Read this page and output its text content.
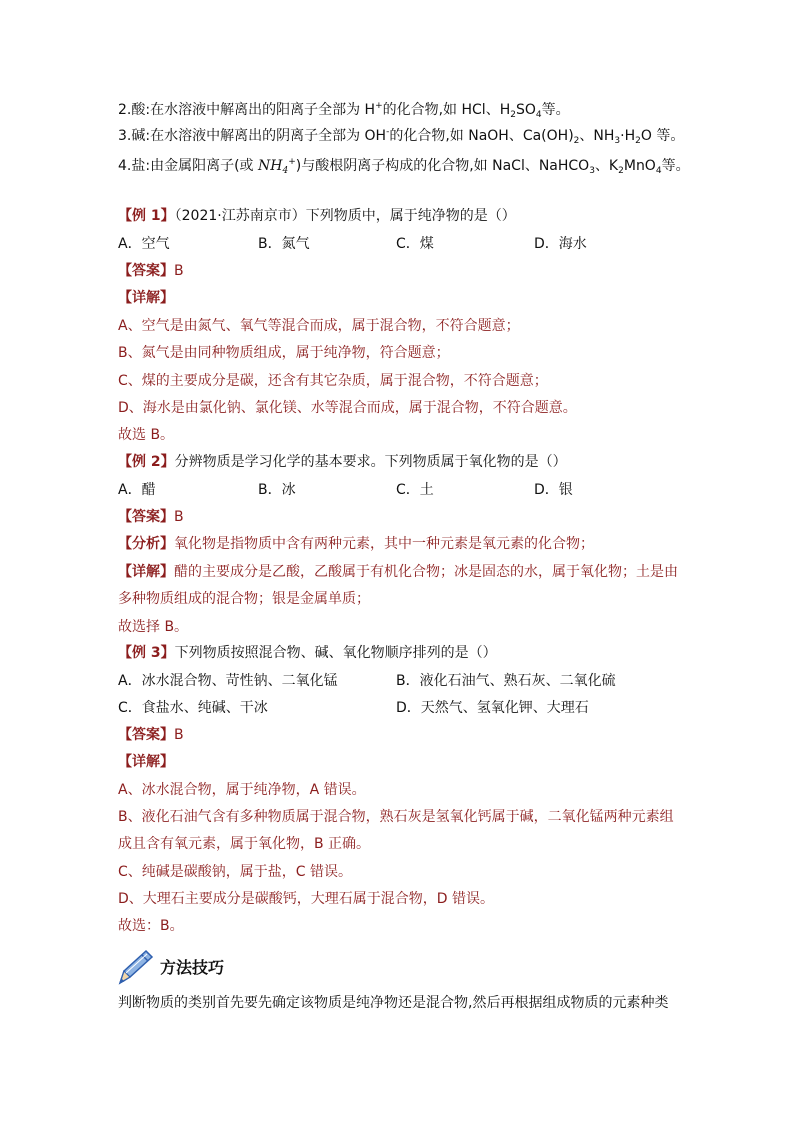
2.酸:在水溶液中解离出的阳离子全部为 H+的化合物,如 HCl、$H_2SO_4$等。
3.碱:在水溶液中解离出的阴离子全部为 OH-的化合物,如 NaOH、$Ca(OH)_2$、$NH_3\cdot H_2O$ 等。
4.盐:由金属阳离子(或 $NH_4^+$)与酸根阴离子构成的化合物,如 NaCl、NaHCO$_3$、$K_2MnO_4$等。
【例 1】（2021·江苏南京市）下列物质中，属于纯净物的是（）
A．空气	B．氮气	C．煤	D．海水
【答案】B
【详解】
A、空气是由氮气、氧气等混合而成，属于混合物，不符合题意；
B、氮气是由同种物质组成，属于纯净物，符合题意；
C、煤的主要成分是碳，还含有其它杂质，属于混合物，不符合题意；
D、海水是由氯化钠、氯化镁、水等混合而成，属于混合物，不符合题意。
故选 B。
【例 2】分辨物质是学习化学的基本要求。下列物质属于氧化物的是（）
A．醋	B．冰	C．土	D．银
【答案】B
【分析】氧化物是指物质中含有两种元素，其中一种元素是氧元素的化合物；
【详解】醋的主要成分是乙酸，乙酸属于有机化合物；冰是固态的水，属于氧化物；土是由
多种物质组成的混合物；银是金属单质；
故选择 B。
【例 3】下列物质按照混合物、碱、氧化物顺序排列的是（）
A．冰水混合物、苛性钠、二氧化锰	B．液化石油气、熟石灰、二氧化硫
C．食盐水、纯碱、干冰	D．天然气、氢氧化钾、大理石
【答案】B
【详解】
A、冰水混合物，属于纯净物，A 错误。
B、液化石油气含有多种物质属于混合物，熟石灰是氢氧化钙属于碱，二氧化锰两种元素组
成且含有氧元素，属于氧化物，B 正确。
C、纯碱是碳酸钠，属于盐，C 错误。
D、大理石主要成分是碳酸钙，大理石属于混合物，D 错误。
故选：B。
方法技巧
判断物质的类别首先要先确定该物质是纯净物还是混合物,然后再根据组成物质的元素种类
